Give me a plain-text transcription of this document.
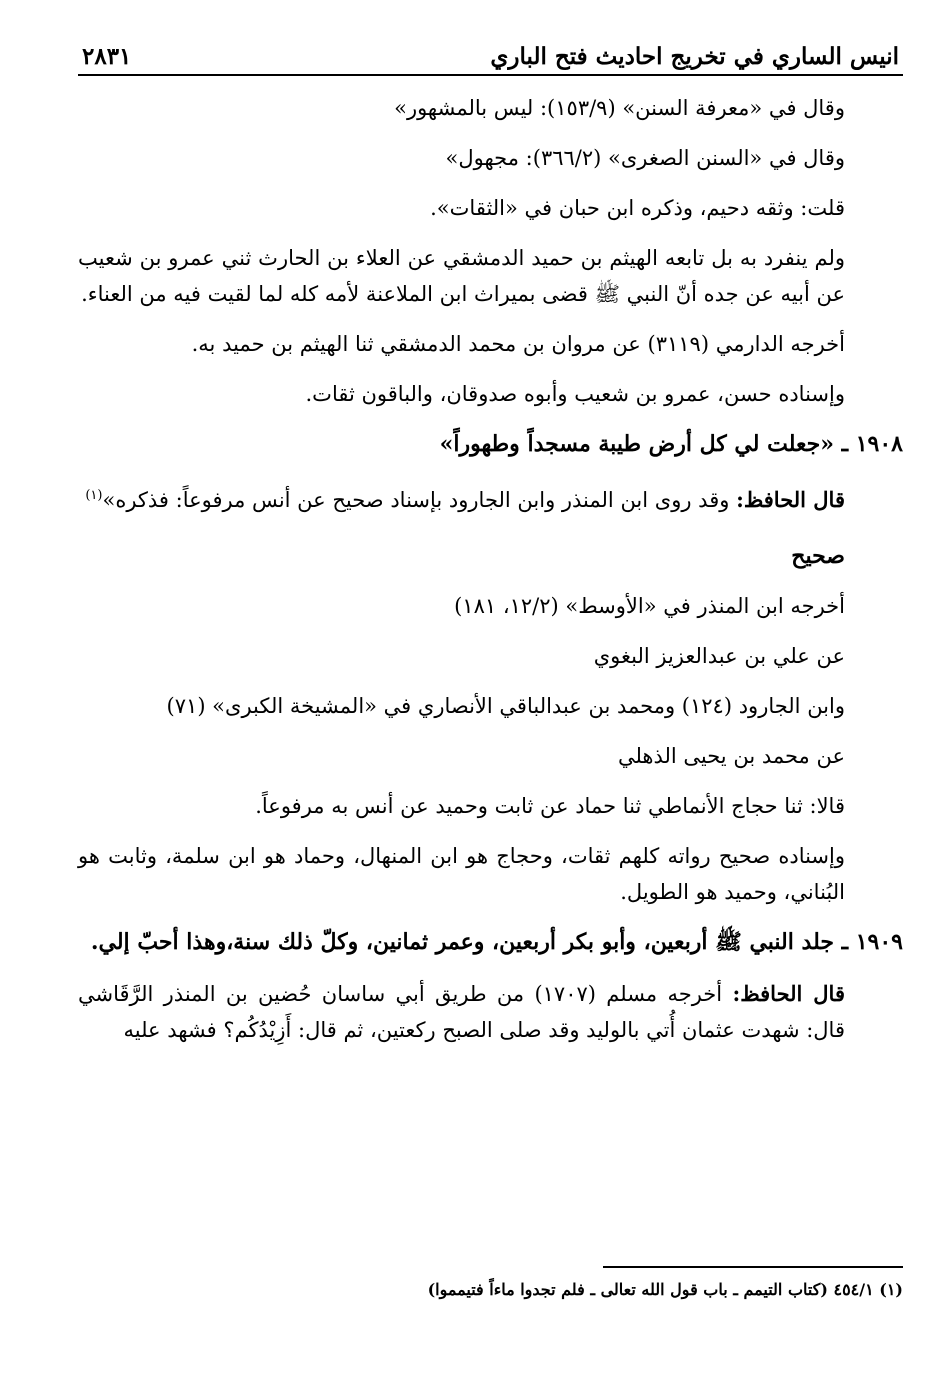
انيس الساري في تخريج احاديث فتح الباري
٢٨٣١

وقال في «معرفة السنن» (١٥٣/٩): ليس بالمشهور»

وقال في «السنن الصغرى» (٣٦٦/٢): مجهول»

قلت: وثقه دحيم، وذكره ابن حبان في «الثقات».

ولم ينفرد به بل تابعه الهيثم بن حميد الدمشقي عن العلاء بن الحارث ثني عمرو بن شعيب عن أبيه عن جده أنّ النبي ﷺ قضى بميراث ابن الملاعنة لأمه كله لما لقيت فيه من العناء.

أخرجه الدارمي (٣١١٩) عن مروان بن محمد الدمشقي ثنا الهيثم بن حميد به.

وإسناده حسن، عمرو بن شعيب وأبوه صدوقان، والباقون ثقات.

١٩٠٨ ـ «جعلت لي كل أرض طيبة مسجداً وطهوراً»

قال الحافظ: وقد روى ابن المنذر وابن الجارود بإسناد صحيح عن أنس مرفوعاً: فذكره»$^{(١)}$

صحيح

أخرجه ابن المنذر في «الأوسط» (١٢/٢، ١٨١)

عن علي بن عبدالعزيز البغوي

وابن الجارود (١٢٤) ومحمد بن عبدالباقي الأنصاري في «المشيخة الكبرى» (٧١)

عن محمد بن يحيى الذهلي

قالا: ثنا حجاج الأنماطي ثنا حماد عن ثابت وحميد عن أنس به مرفوعاً.

وإسناده صحيح رواته كلهم ثقات، وحجاج هو ابن المنهال، وحماد هو ابن سلمة، وثابت هو البُناني، وحميد هو الطويل.

١٩٠٩ ـ جلد النبي ﷺ أربعين، وأبو بكر أربعين، وعمر ثمانين، وكلّ ذلك سنة،وهذا أحبّ إلي.

قال الحافظ: أخرجه مسلم (١٧٠٧) من طريق أبي ساسان حُضين بن المنذر الرَّقَاشي قال: شهدت عثمان أُتي بالوليد وقد صلى الصبح ركعتين، ثم قال: أَزِيْدُكُم؟ فشهد عليه

(١) ٤٥٤/١ (كتاب التيمم ـ باب قول الله تعالى ـ فلم تجدوا ماءاً فتيمموا)
